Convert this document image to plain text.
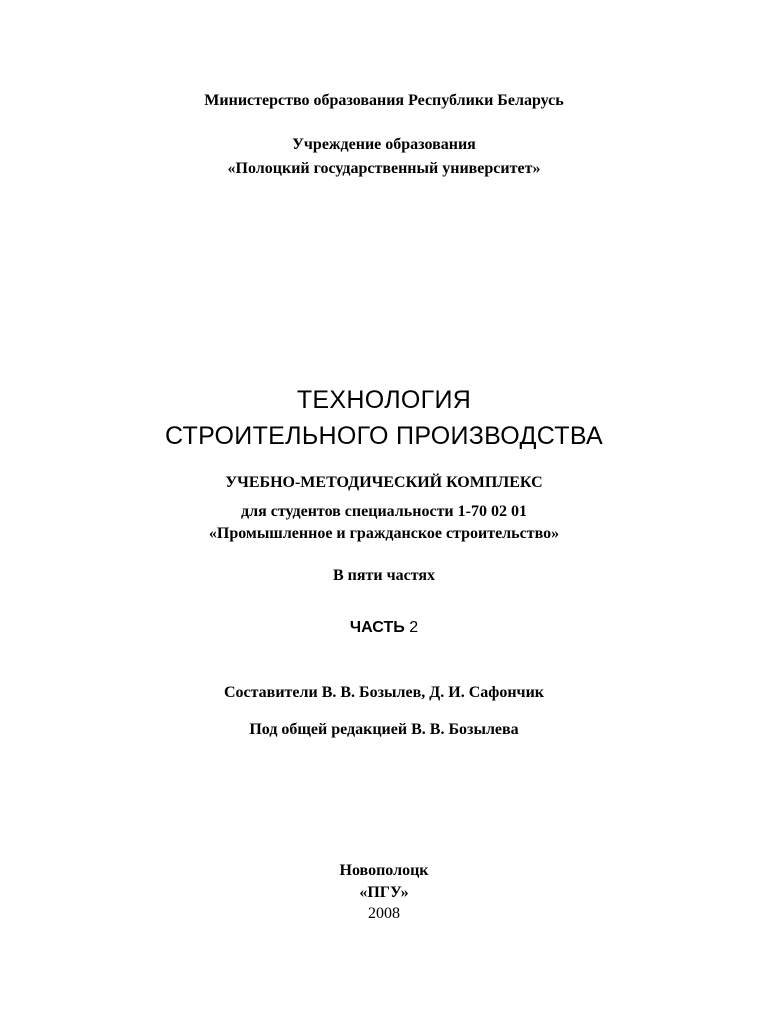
Министерство образования Республики Беларусь
Учреждение образования
«Полоцкий государственный университет»
ТЕХНОЛОГИЯ
СТРОИТЕЛЬНОГО ПРОИЗВОДСТВА
УЧЕБНО-МЕТОДИЧЕСКИЙ КОМПЛЕКС
для студентов специальности 1-70 02 01
«Промышленное и гражданское строительство»
В пяти частях
ЧАСТЬ 2
Составители В. В. Бозылев, Д. И. Сафончик
Под общей редакцией В. В. Бозылева
Новополоцк
«ПГУ»
2008
